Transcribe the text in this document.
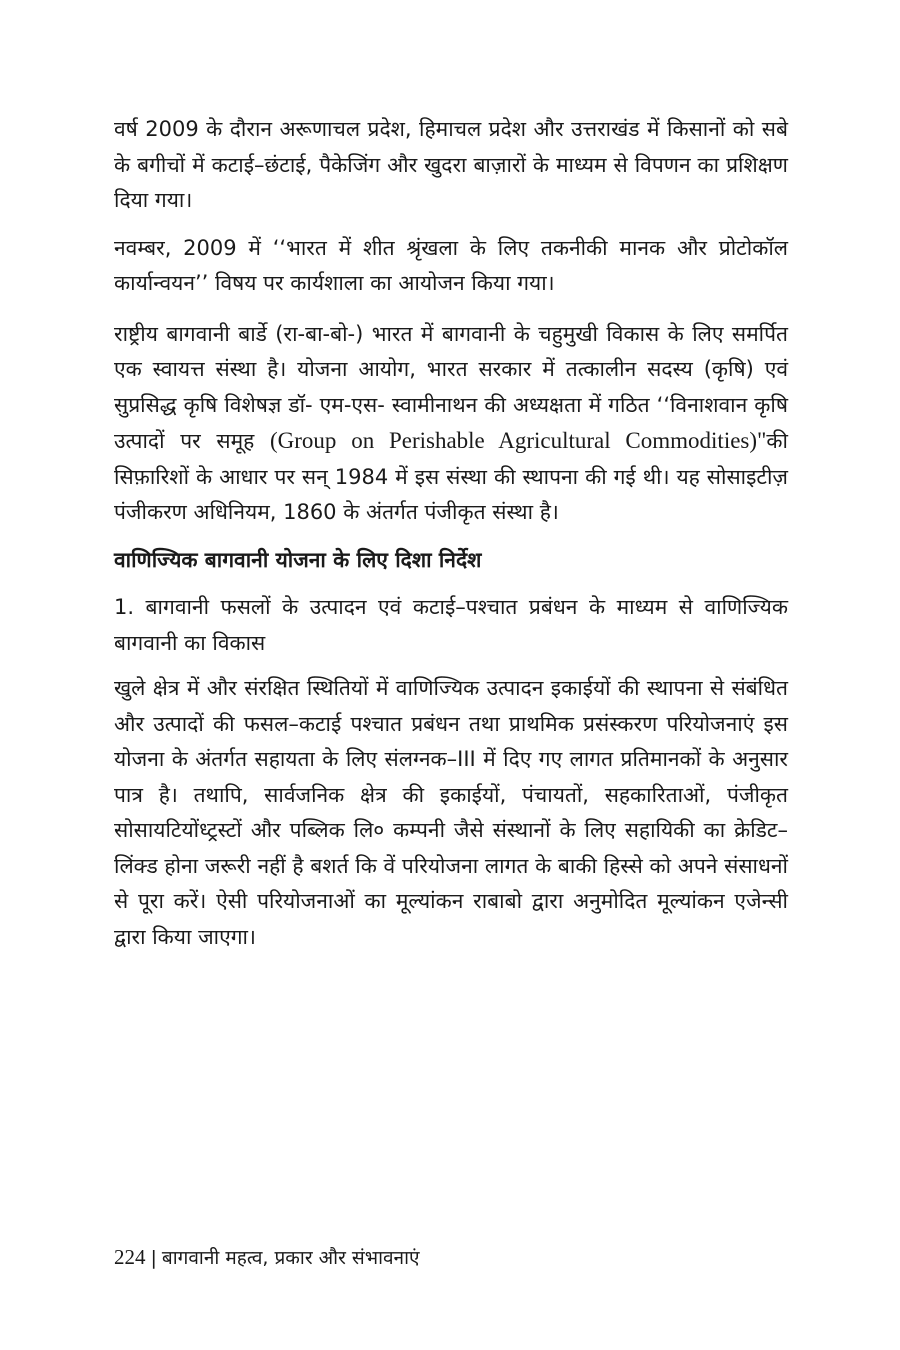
वर्ष 2009 के दौरान अरूणाचल प्रदेश, हिमाचल प्रदेश और उत्तराखंड में किसानों को सबे के बगीचों में कटाई–छंटाई, पैकेजिंग और खुदरा बाज़ारों के माध्यम से विपणन का प्रशिक्षण दिया गया।

नवम्बर, 2009 में ‘‘भारत में शीत श्रृंखला के लिए तकनीकी मानक और प्रोटोकॉल कार्यान्वयन’’ विषय पर कार्यशाला का आयोजन किया गया।

राष्ट्रीय बागवानी बार्डे (रा-बा-बो-) भारत में बागवानी के चहुमुखी विकास के लिए समर्पित एक स्वायत्त संस्था है। योजना आयोग, भारत सरकार में तत्कालीन सदस्य (कृषि) एवं सुप्रसिद्ध कृषि विशेषज्ञ डॉ- एम-एस- स्वामीनाथन की अध्यक्षता में गठित ‘‘विनाशवान कृषि उत्पादों पर समूह (Group on Perishable Agricultural Commodities)"की सिफ़ारिशों के आधार पर सन् 1984 में इस संस्था की स्थापना की गई थी। यह सोसाइटीज़ पंजीकरण अधिनियम, 1860 के अंतर्गत पंजीकृत संस्था है।

वाणिज्यिक बागवानी योजना के लिए दिशा निर्देश

1. बागवानी फसलों के उत्पादन एवं कटाई–पश्चात प्रबंधन के माध्यम से वाणिज्यिक बागवानी का विकास

खुले क्षेत्र में और संरक्षित स्थितियों में वाणिज्यिक उत्पादन इकाईयों की स्थापना से संबंधित और उत्पादों की फसल–कटाई पश्चात प्रबंधन तथा प्राथमिक प्रसंस्करण परियोजनाएं इस योजना के अंतर्गत सहायता के लिए संलग्नक–III में दिए गए लागत प्रतिमानकों के अनुसार पात्र है। तथापि, सार्वजनिक क्षेत्र की इकाईयों, पंचायतों, सहकारिताओं, पंजीकृत सोसायटियोंध्ट्रस्टों और पब्लिक लि० कम्पनी जैसे संस्थानों के लिए सहायिकी का क्रेडिट–लिंक्ड होना जरूरी नहीं है बशर्त कि वें परियोजना लागत के बाकी हिस्से को अपने संसाधनों से पूरा करें। ऐसी परियोजनाओं का मूल्यांकन राबाबो द्वारा अनुमोदित मूल्यांकन एजेन्सी द्वारा किया जाएगा।

224 | बागवानी महत्व, प्रकार और संभावनाएं
